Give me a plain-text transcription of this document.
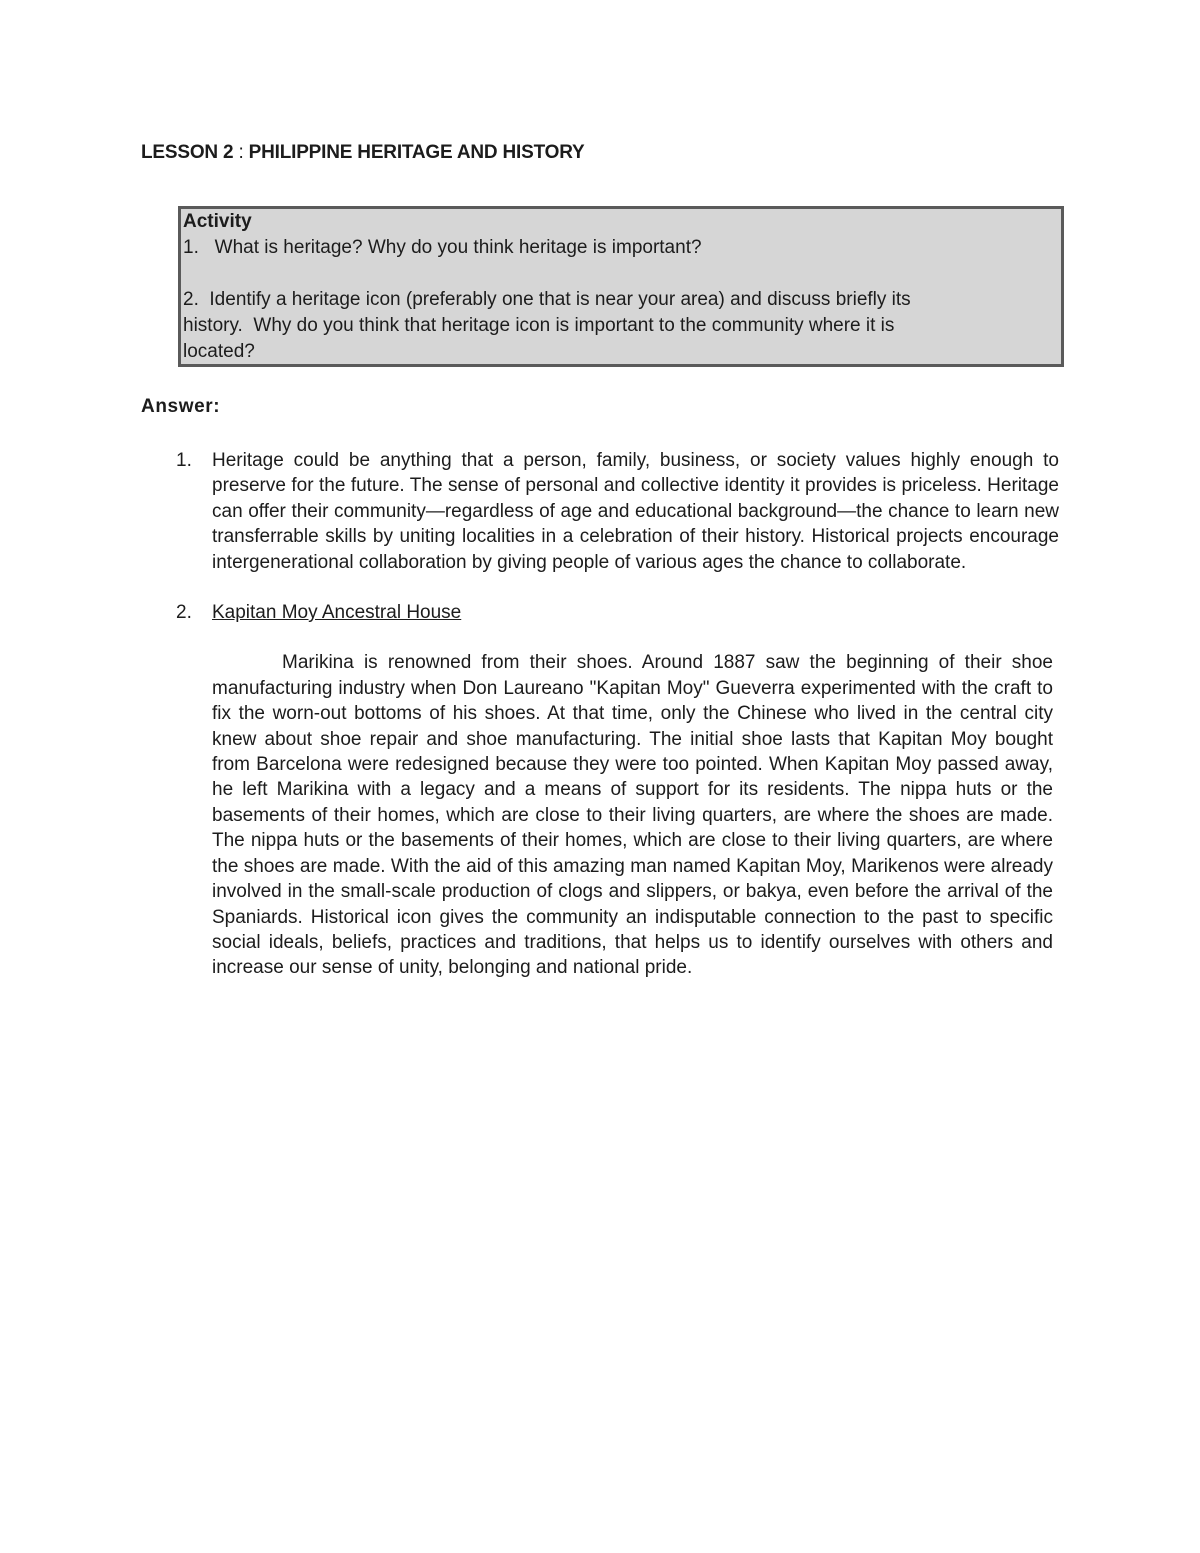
LESSON 2 : PHILIPPINE HERITAGE AND HISTORY

Activity

1.   What is heritage? Why do you think heritage is important?

2.  Identify a heritage icon (preferably one that is near your area) and discuss briefly its

history.  Why do you think that heritage icon is important to the community where it is

located?

Answer:

1. Heritage could be anything that a person, family, business, or society values highly enough to preserve for the future. The sense of personal and collective identity it provides is priceless. Heritage can offer their community—regardless of age and educational background—the chance to learn new transferrable skills by uniting localities in a celebration of their history. Historical projects encourage intergenerational collaboration by giving people of various ages the chance to collaborate.

2. Kapitan Moy Ancestral House

Marikina is renowned from their shoes. Around 1887 saw the beginning of their shoe manufacturing industry when Don Laureano "Kapitan Moy" Gueverra experimented with the craft to fix the worn-out bottoms of his shoes. At that time, only the Chinese who lived in the central city knew about shoe repair and shoe manufacturing. The initial shoe lasts that Kapitan Moy bought from Barcelona were redesigned because they were too pointed. When Kapitan Moy passed away, he left Marikina with a legacy and a means of support for its residents. The nippa huts or the basements of their homes, which are close to their living quarters, are where the shoes are made. The nippa huts or the basements of their homes, which are close to their living quarters, are where the shoes are made. With the aid of this amazing man named Kapitan Moy, Marikenos were already involved in the small-scale production of clogs and slippers, or bakya, even before the arrival of the Spaniards. Historical icon gives the community an indisputable connection to the past to specific social ideals, beliefs, practices and traditions, that helps us to identify ourselves with others and increase our sense of unity, belonging and national pride.
